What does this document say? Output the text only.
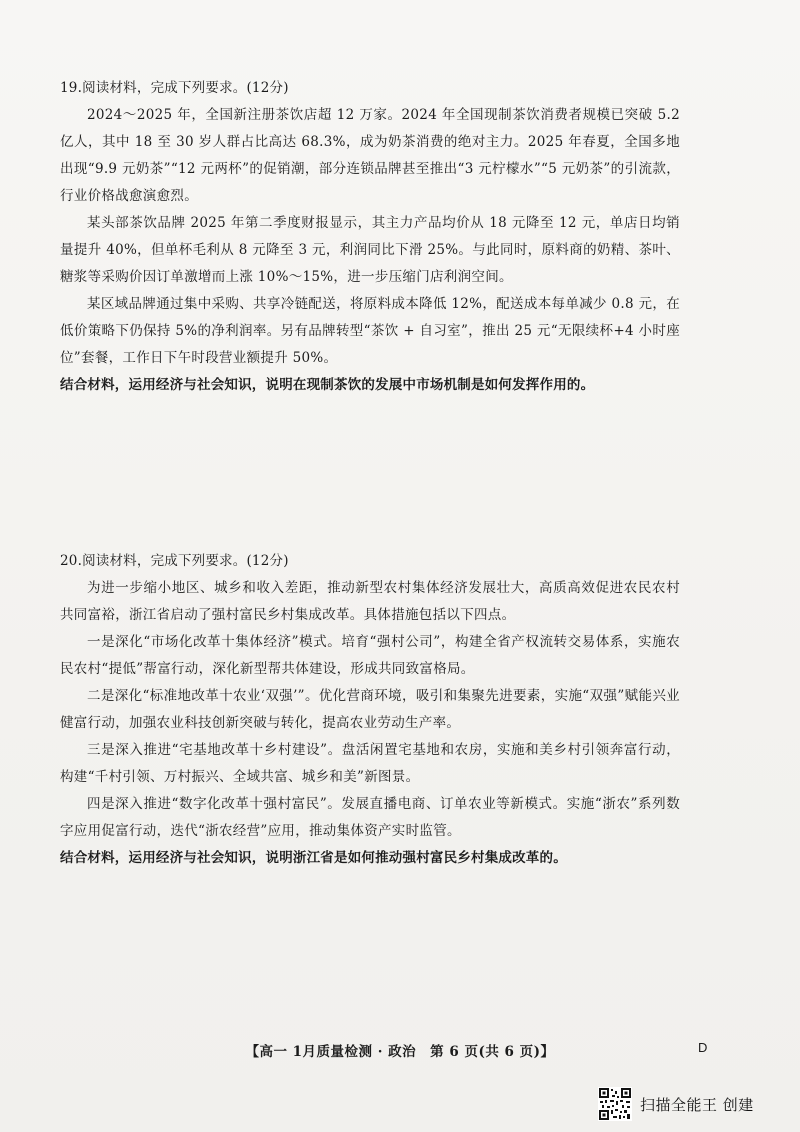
19.阅读材料，完成下列要求。(12分)

2024～2025 年，全国新注册茶饮店超 12 万家。2024 年全国现制茶饮消费者规模已突破 5.2 亿人，其中 18 至 30 岁人群占比高达 68.3%，成为奶茶消费的绝对主力。2025 年春夏，全国多地出现“9.9 元奶茶”“12 元两杯”的促销潮，部分连锁品牌甚至推出“3 元柠檬水”“5 元奶茶”的引流款，行业价格战愈演愈烈。

某头部茶饮品牌 2025 年第二季度财报显示，其主力产品均价从 18 元降至 12 元，单店日均销量提升 40%，但单杯毛利从 8 元降至 3 元，利润同比下滑 25%。与此同时，原料商的奶精、茶叶、糖浆等采购价因订单激增而上涨 10%～15%，进一步压缩门店利润空间。

某区域品牌通过集中采购、共享冷链配送，将原料成本降低 12%，配送成本每单减少 0.8 元，在低价策略下仍保持 5%的净利润率。另有品牌转型“茶饮 + 自习室”，推出 25 元“无限续杯+4 小时座位”套餐，工作日下午时段营业额提升 50%。

结合材料，运用经济与社会知识，说明在现制茶饮的发展中市场机制是如何发挥作用的。

20.阅读材料，完成下列要求。(12分)

为进一步缩小地区、城乡和收入差距，推动新型农村集体经济发展壮大，高质高效促进农民农村共同富裕，浙江省启动了强村富民乡村集成改革。具体措施包括以下四点。

一是深化“市场化改革十集体经济”模式。培育“强村公司”，构建全省产权流转交易体系，实施农民农村“提低”帮富行动，深化新型帮共体建设，形成共同致富格局。

二是深化“标准地改革十农业‘双强’”。优化营商环境，吸引和集聚先进要素，实施“双强”赋能兴业健富行动，加强农业科技创新突破与转化，提高农业劳动生产率。

三是深入推进“宅基地改革十乡村建设”。盘活闲置宅基地和农房，实施和美乡村引领奔富行动，构建“千村引领、万村振兴、全域共富、城乡和美”新图景。

四是深入推进“数字化改革十强村富民”。发展直播电商、订单农业等新模式。实施“浙农”系列数字应用促富行动，迭代“浙农经营”应用，推动集体资产实时监管。

结合材料，运用经济与社会知识，说明浙江省是如何推动强村富民乡村集成改革的。

【高一 1月质量检测 · 政治　第 6 页(共 6 页)】	D
扫描全能王 创建
